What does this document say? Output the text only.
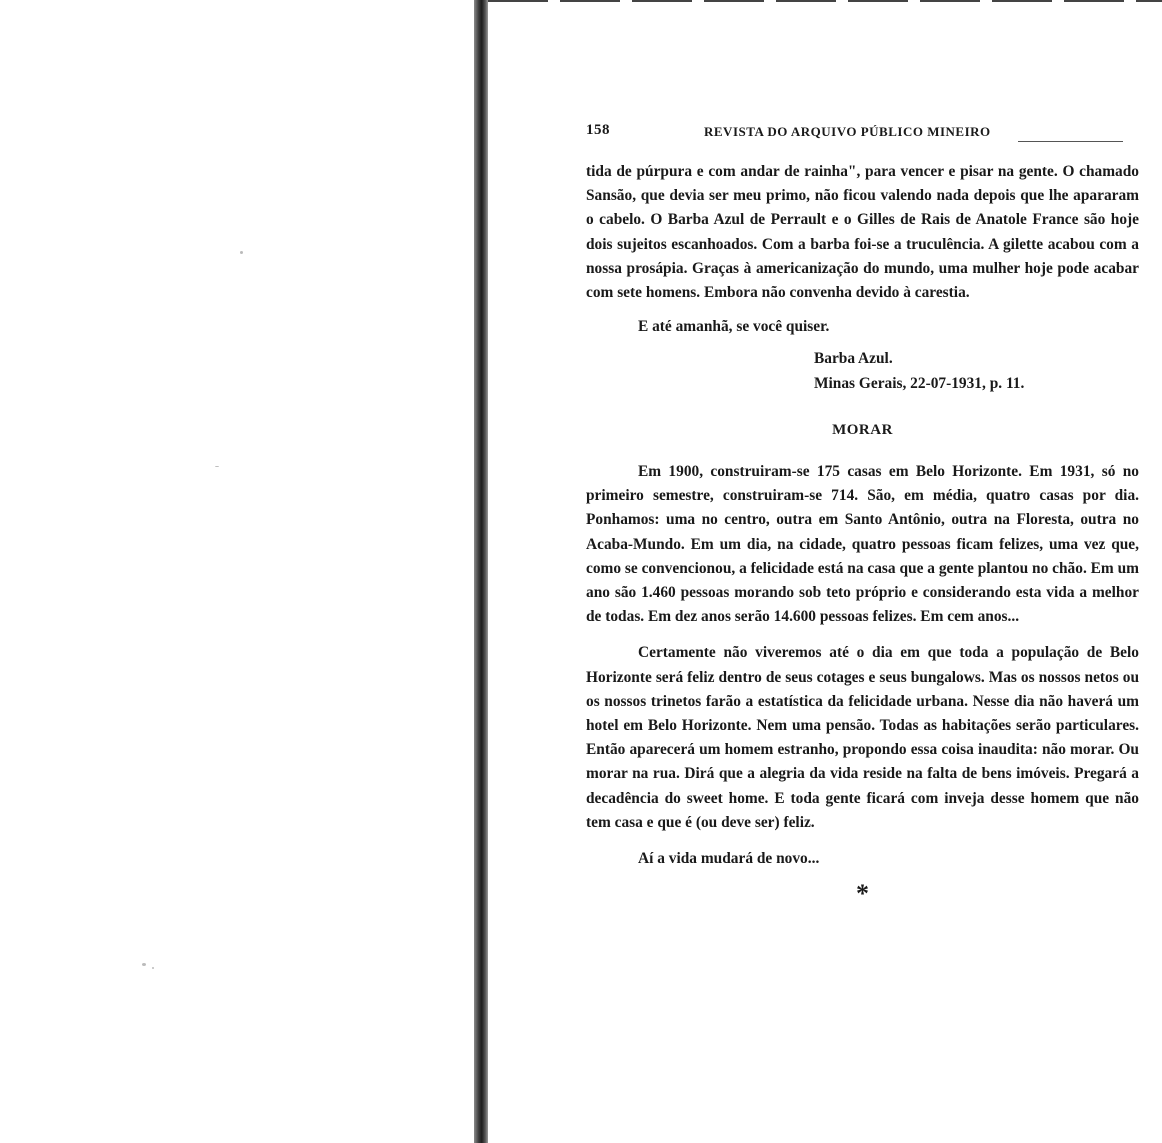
158	REVISTA DO ARQUIVO PÚBLICO MINEIRO

tida de púrpura e com andar de rainha", para vencer e pisar na gente. O chamado Sansão, que devia ser meu primo, não ficou valendo nada depois que lhe apararam o cabelo. O Barba Azul de Perrault e o Gilles de Rais de Anatole France são hoje dois sujeitos escanhoados. Com a barba foi-se a truculência. A gilette acabou com a nossa prosápia. Graças à americanização do mundo, uma mulher hoje pode acabar com sete homens. Embora não convenha devido à carestia.

E até amanhã, se você quiser.

Barba Azul.

Minas Gerais, 22-07-1931, p. 11.

MORAR

Em 1900, construiram-se 175 casas em Belo Horizonte. Em 1931, só no primeiro semestre, construiram-se 714. São, em média, quatro casas por dia. Ponhamos: uma no centro, outra em Santo Antônio, outra na Floresta, outra no Acaba-Mundo. Em um dia, na cidade, quatro pessoas ficam felizes, uma vez que, como se convencionou, a felicidade está na casa que a gente plantou no chão. Em um ano são 1.460 pessoas morando sob teto próprio e considerando esta vida a melhor de todas. Em dez anos serão 14.600 pessoas felizes. Em cem anos...

Certamente não viveremos até o dia em que toda a população de Belo Horizonte será feliz dentro de seus cotages e seus bungalows. Mas os nossos netos ou os nossos trinetos farão a estatística da felicidade urbana. Nesse dia não haverá um hotel em Belo Horizonte. Nem uma pensão. Todas as habitações serão particulares. Então aparecerá um homem estranho, propondo essa coisa inaudita: não morar. Ou morar na rua. Dirá que a alegria da vida reside na falta de bens imóveis. Pregará a decadência do sweet home. E toda gente ficará com inveja desse homem que não tem casa e que é (ou deve ser) feliz.

Aí a vida mudará de novo...

*
